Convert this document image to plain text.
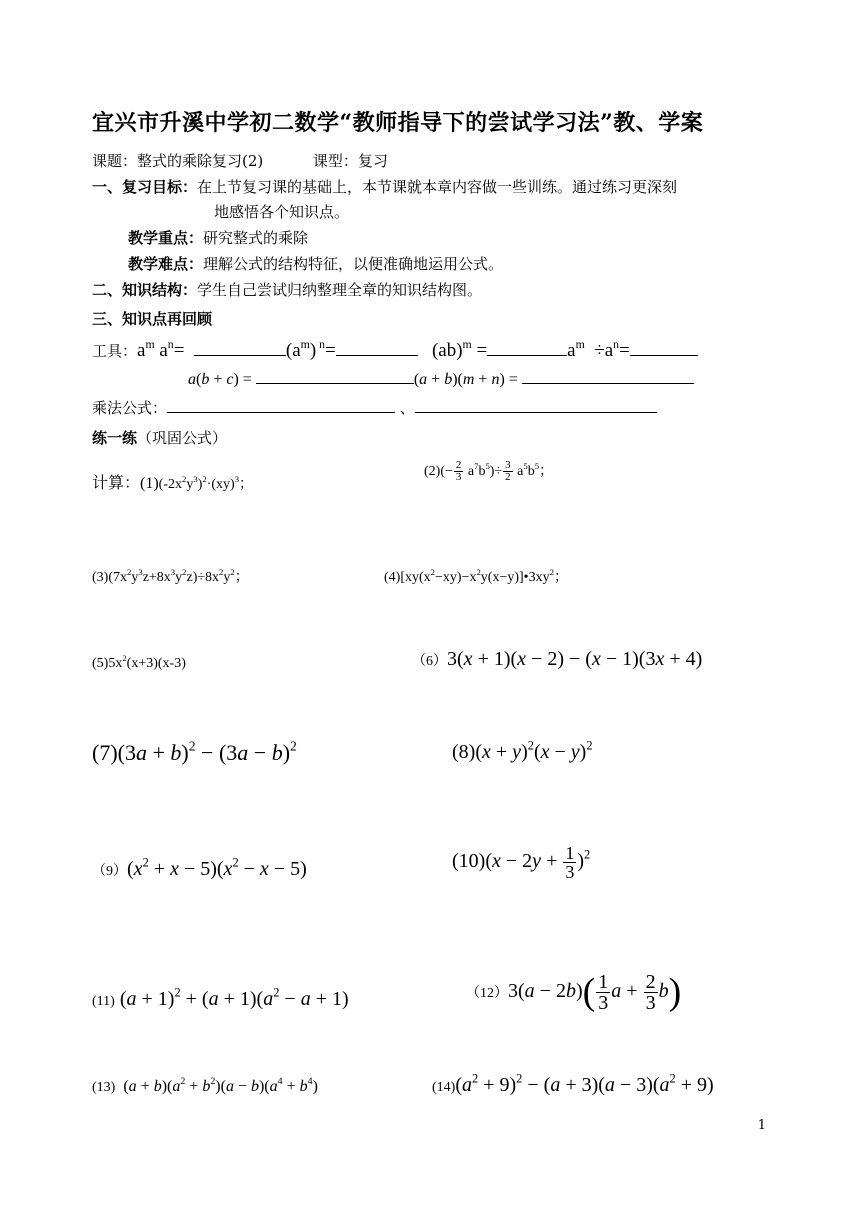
宜兴市升溪中学初二数学“教师指导下的尝试学习法”教、学案
课题：整式的乘除复习(2)	课型：复习
一、复习目标：在上节复习课的基础上，本节课就本章内容做一些训练。通过练习更深刻
地感悟各个知识点。
教学重点：研究整式的乘除
教学难点：理解公式的结构特征，以便准确地运用公式。
二、知识结构：学生自己尝试归纳整理全章的知识结构图。
三、知识点再回顾
工具：$a^m$ $a^n=$	$(a^m)$ $^n$=	(ab)$^m$ =	$a^m \div a^n=$
a(b + c) =	(a + b)(m + n) =
乘法公式：	、
练一练（巩固公式）
计算：$(1)(-2x^2y^3)^2\cdot(xy)^3$；
$(2)(- \frac{2}{3} a^7b^5)\div \frac{3}{2} a^5b^5$；
$(3)(7x^2y^3z+8x^3y^2z)\div 8x^2y^2$；	$(4)[xy(x^2-xy)-x^2y(x-y)]•3xy^2$；
$(5)5x^2(x+3)(x-3)$	（6）3(x + 1)(x − 2) − (x − 1)(3x + 4)
$(7)(3a + b)^2 - (3a - b)^2$	$(8)(x + y)^2(x - y)^2$
$(9)(x^2 + x - 5)(x^2 - x - 5)$	$(10)(x - 2y + \frac{1}{3} )^2$
(11) $(a + 1)^2 + (a + 1)(a^2 - a + 1)$	$(12)3(a - 2b)( \frac{1}{3}$ $a + \frac{2}{3} b$)
(13)  $(a + b)(a^2 + b^2)(a - b)(a^4 + b^4)$	$(14)(a^2 + 9)^2 - (a + 3)(a - 3)(a^2 + 9)$
1
